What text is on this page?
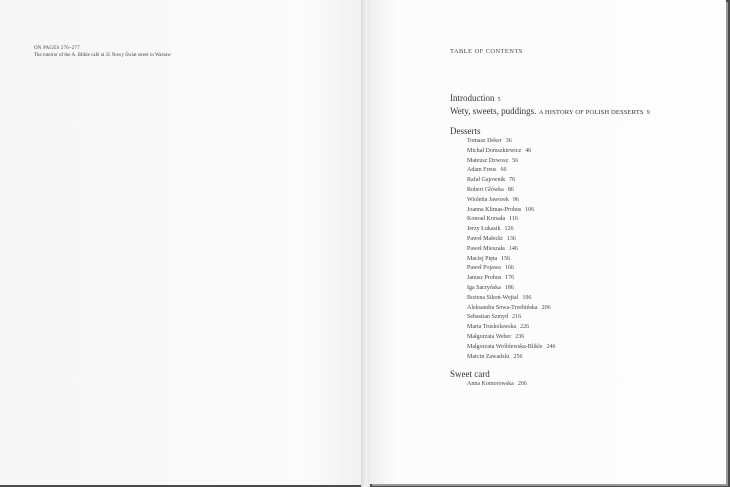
ON PAGES 276–277
The interior of the A. Blikle café at 35 Nowy Świat street in Warsaw
TABLE OF CONTENTS
Introduction 5
Wety, sweets, puddings. A HISTORY OF POLISH DESSERTS 9
Desserts
Tomasz Deker 36
Michał Domszkiewicz 46
Mateusz Dzwosz 56
Adam Freus 66
Rafał Gajownik 76
Robert Główka 86
Wioletta Jaworek 96
Joanna Klimas-Prohus 106
Konrad Korsała 116
Jerzy Łukasik 126
Paweł Małecki 136
Paweł Mieszała 146
Maciej Pięta 156
Paweł Pojawa 166
Janusz Prohus 176
Iga Sarzyńska 186
Bożena Sikoń-Wojtal 196
Aleksandra Sowa-Trzebińska 206
Sebastian Szmyd 216
Marta Truskolawska 226
Małgorzata Weber 236
Małgorzata Wróblewska-Blikle 246
Marcin Zawadzki 256
Sweet card
Anna Komorowska 266
